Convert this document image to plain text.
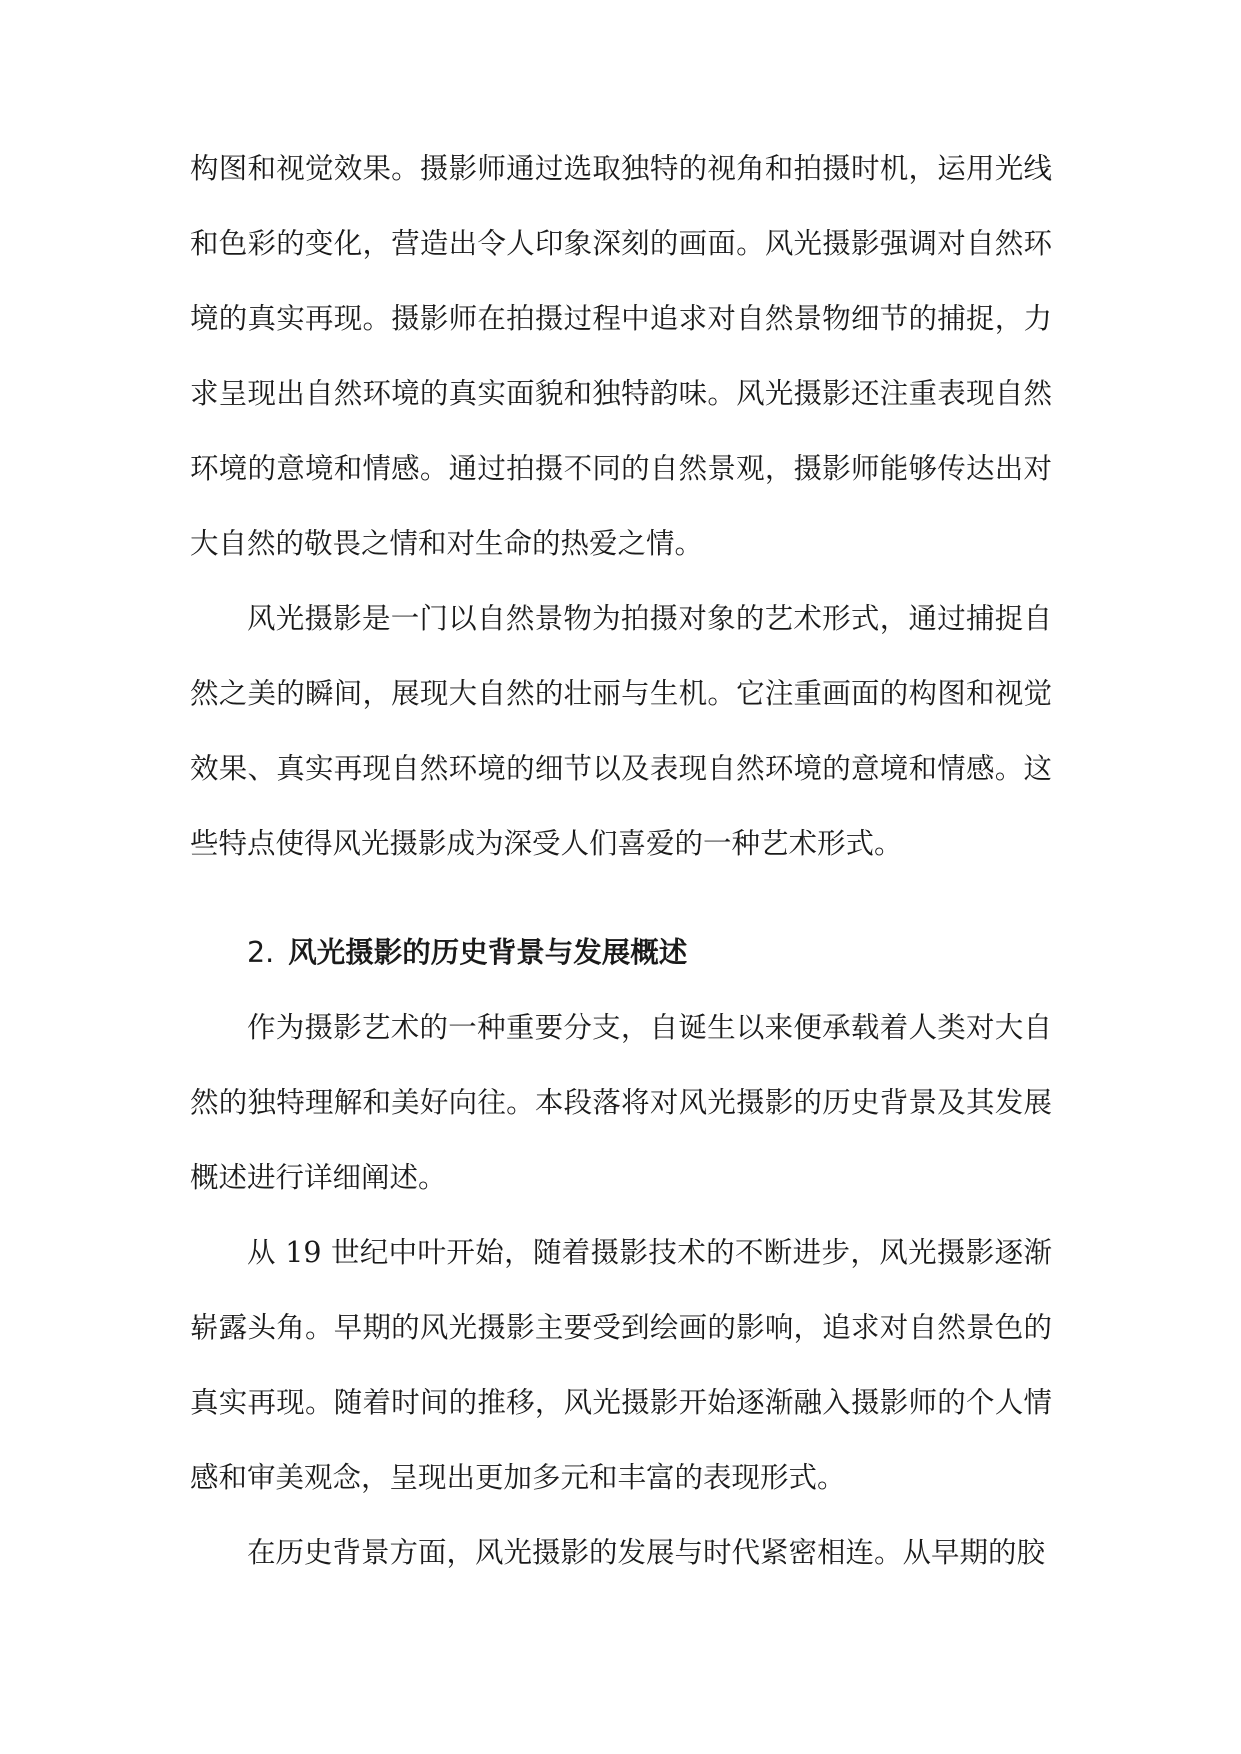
构图和视觉效果。摄影师通过选取独特的视角和拍摄时机，运用光线和色彩的变化，营造出令人印象深刻的画面。风光摄影强调对自然环境的真实再现。摄影师在拍摄过程中追求对自然景物细节的捕捉，力求呈现出自然环境的真实面貌和独特韵味。风光摄影还注重表现自然环境的意境和情感。通过拍摄不同的自然景观，摄影师能够传达出对大自然的敬畏之情和对生命的热爱之情。

风光摄影是一门以自然景物为拍摄对象的艺术形式，通过捕捉自然之美的瞬间，展现大自然的壮丽与生机。它注重画面的构图和视觉效果、真实再现自然环境的细节以及表现自然环境的意境和情感。这些特点使得风光摄影成为深受人们喜爱的一种艺术形式。

2. 风光摄影的历史背景与发展概述

作为摄影艺术的一种重要分支，自诞生以来便承载着人类对大自然的独特理解和美好向往。本段落将对风光摄影的历史背景及其发展概述进行详细阐述。

从 19 世纪中叶开始，随着摄影技术的不断进步，风光摄影逐渐崭露头角。早期的风光摄影主要受到绘画的影响，追求对自然景色的真实再现。随着时间的推移，风光摄影开始逐渐融入摄影师的个人情感和审美观念，呈现出更加多元和丰富的表现形式。

在历史背景方面，风光摄影的发展与时代紧密相连。从早期的胶
